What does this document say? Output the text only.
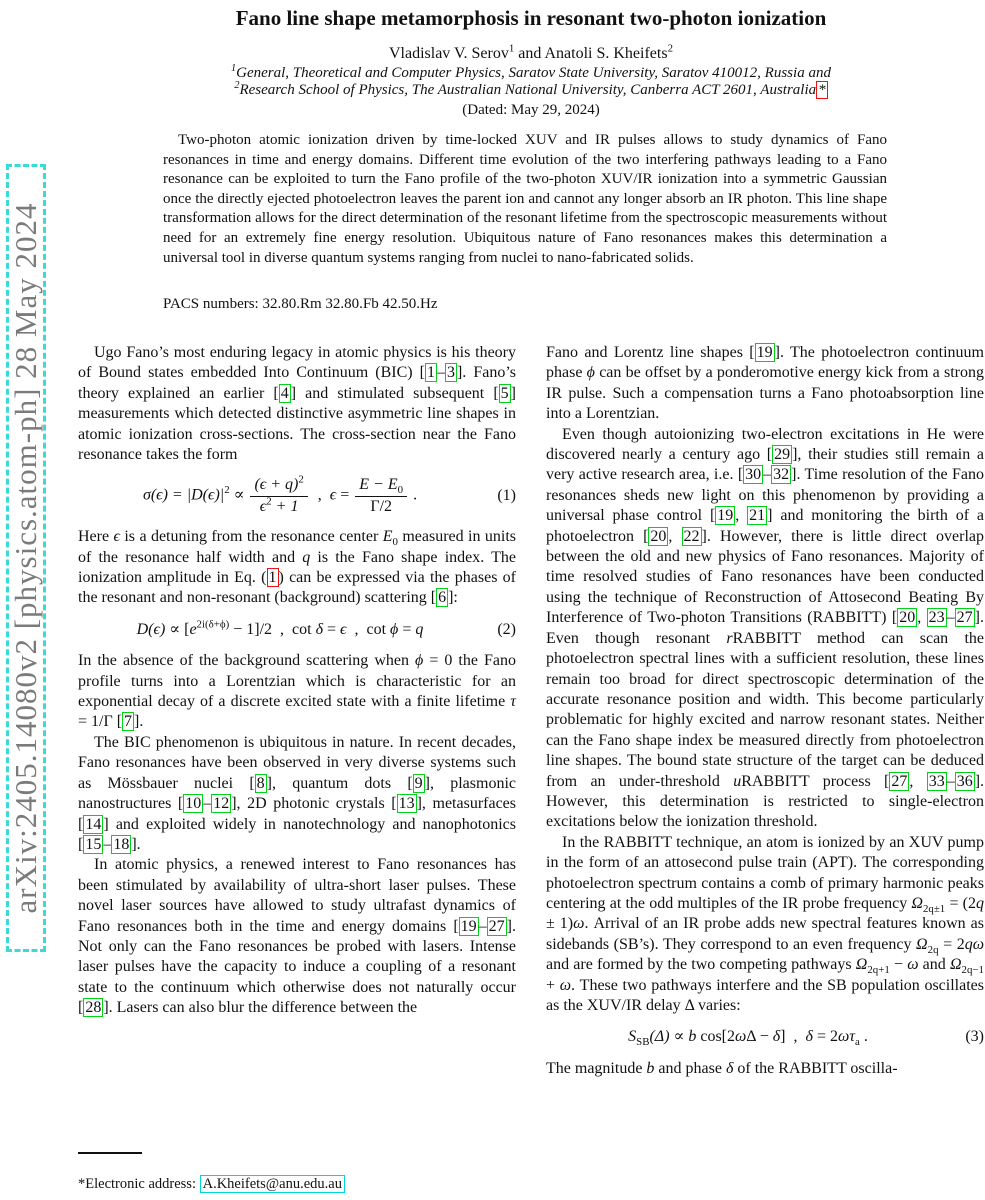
arXiv:2405.14080v2 [physics.atom-ph] 28 May 2024
Fano line shape metamorphosis in resonant two-photon ionization
Vladislav V. Serov$^1$ and Anatoli S. Kheifets$^2$
$^1$General, Theoretical and Computer Physics, Saratov State University, Saratov 410012, Russia and
$^2$Research School of Physics, The Australian National University, Canberra ACT 2601, Australia *
(Dated: May 29, 2024)
Two-photon atomic ionization driven by time-locked XUV and IR pulses allows to study dynamics of Fano resonances in time and energy domains. Different time evolution of the two interfering pathways leading to a Fano resonance can be exploited to turn the Fano profile of the two-photon XUV/IR ionization into a symmetric Gaussian once the directly ejected photoelectron leaves the parent ion and cannot any longer absorb an IR photon. This line shape transformation allows for the direct determination of the resonant lifetime from the spectroscopic measurements without need for an extremely fine energy resolution. Ubiquitous nature of Fano resonances makes this determination a universal tool in diverse quantum systems ranging from nuclei to nano-fabricated solids.
PACS numbers: 32.80.Rm 32.80.Fb 42.50.Hz

Ugo Fano’s most enduring legacy in atomic physics is his theory of Bound states embedded Into Continuum (BIC) [ 1 – 3 ]. Fano’s theory explained an earlier [ 4 ] and stimulated subsequent [ 5 ] measurements which detected distinctive asymmetric line shapes in atomic ionization cross-sections. The cross-section near the Fano resonance takes the form

$\sigma(\epsilon) = |D(\epsilon)|^2 \propto \frac{(\epsilon + q)^2}{\epsilon^2 + 1}$  , $\epsilon = \frac{E - E_0}{\Gamma/2}$ .	(1)

Here ϵ is a detuning from the resonance center $E_0$ measured in units of the resonance half width and q is the Fano shape index. The ionization amplitude in Eq. ( 1 ) can be expressed via the phases of the resonant and non-resonant (background) scattering [ 6 ]:

$D(\epsilon) \propto [e^{2i(\delta+\phi)} - 1]/2$ , cot δ = ϵ , cot ϕ = q	(2)

In the absence of the background scattering when ϕ = 0 the Fano profile turns into a Lorentzian which is characteristic for an exponential decay of a discrete excited state with a finite lifetime τ = 1/Γ [ 7 ].

The BIC phenomenon is ubiquitous in nature. In recent decades, Fano resonances have been observed in very diverse systems such as Mössbauer nuclei [ 8 ], quantum dots [ 9 ], plasmonic nanostructures [ 10 – 12 ], 2D photonic crystals [ 13 ], metasurfaces [ 14 ] and exploited widely in nanotechnology and nanophotonics [ 15 – 18 ].

In atomic physics, a renewed interest to Fano resonances has been stimulated by availability of ultra-short laser pulses. These novel laser sources have allowed to study ultrafast dynamics of Fano resonances both in the time and energy domains [ 19 – 27 ]. Not only can the Fano resonances be probed with lasers. Intense laser pulses have the capacity to induce a coupling of a resonant state to the continuum which otherwise does not naturally occur [ 28 ]. Lasers can also blur the difference between the

Fano and Lorentz line shapes [ 19 ]. The photoelectron continuum phase ϕ can be offset by a ponderomotive energy kick from a strong IR pulse. Such a compensation turns a Fano photoabsorption line into a Lorentzian.

Even though autoionizing two-electron excitations in He were discovered nearly a century ago [ 29 ], their studies still remain a very active research area, i.e. [ 30 – 32 ]. Time resolution of the Fano resonances sheds new light on this phenomenon by providing a universal phase control [ 19 , 21 ] and monitoring the birth of a photoelectron [ 20 , 22 ]. However, there is little direct overlap between the old and new physics of Fano resonances. Majority of time resolved studies of Fano resonances have been conducted using the technique of Reconstruction of Attosecond Beating By Interference of Two-photon Transitions (RABBITT) [ 20 , 23 – 27 ]. Even though resonant rRABBITT method can scan the photoelectron spectral lines with a sufficient resolution, these lines remain too broad for direct spectroscopic determination of the accurate resonance position and width. This become particularly problematic for highly excited and narrow resonant states. Neither can the Fano shape index be measured directly from photoelectron line shapes. The bound state structure of the target can be deduced from an under-threshold uRABBITT process [ 27 , 33 – 36 ]. However, this determination is restricted to single-electron excitations below the ionization threshold.

In the RABBITT technique, an atom is ionized by an XUV pump in the form of an attosecond pulse train (APT). The corresponding photoelectron spectrum contains a comb of primary harmonic peaks centering at the odd multiples of the IR probe frequency $\Omega_{2q\pm 1} = (2q \pm 1)\omega$. Arrival of an IR probe adds new spectral features known as sidebands (SB’s). They correspond to an even frequency $\Omega_{2q} = 2q\omega$ and are formed by the two competing pathways $\Omega_{2q+1} - \omega$ and $\Omega_{2q-1} + \omega$. These two pathways interfere and the SB population oscillates as the XUV/IR delay Δ varies:

$S_{SB}(\Delta) \propto b$ cos[2ωΔ − δ] , $\delta = 2\omega\tau_a$ .	(3)

The magnitude b and phase δ of the RABBITT oscilla-

*Electronic address: A.Kheifets@anu.edu.au
